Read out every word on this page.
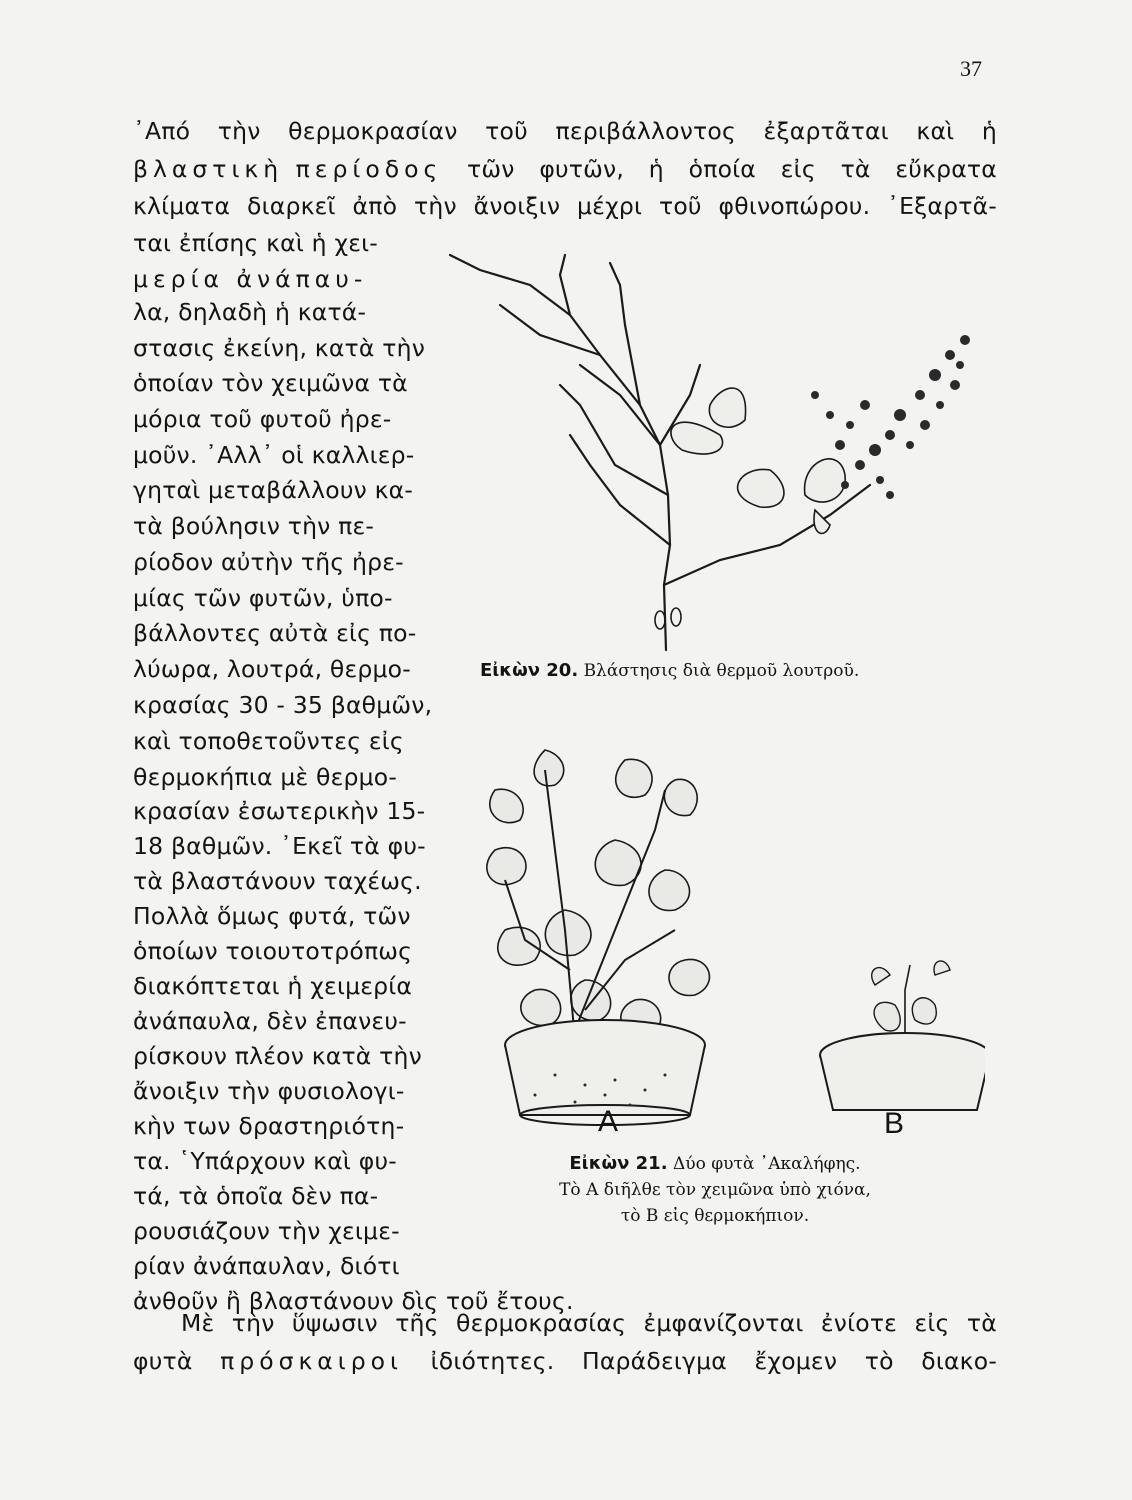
37
᾽Από τὴν θερμοκρασίαν τοῦ περιβάλλοντος ἐξαρτᾶται καὶ ἡ
βλαστικὴ περίοδος τῶν φυτῶν, ἡ ὁποία εἰς τὰ εὔκρατα
κλίματα διαρκεῖ ἀπὸ τὴν ἄνοιξιν μέχρι τοῦ φθινοπώρου. ᾽Εξαρτᾶ-
ται ἐπίσης καὶ ἡ χει-
μερία ἀνάπαυ-
λα, δηλαδὴ ἡ κατά-
στασις ἐκείνη, κατὰ τὴν
ὁποίαν τὸν χειμῶνα τὰ
μόρια τοῦ φυτοῦ ἠρε-
μοῦν. ᾽Αλλ᾽ οἱ καλλιερ-
γηταὶ μεταβάλλουν κα-
τὰ βούλησιν τὴν πε-
ρίοδον αὐτὴν τῆς ἠρε-
μίας τῶν φυτῶν, ὑπο-
βάλλοντες αὐτὰ εἰς πο-
λύωρα, λουτρά, θερμο-
κρασίας 30 - 35 βαθμῶν,
καὶ τοποθετοῦντες εἰς
θερμοκήπια μὲ θερμο-
κρασίαν ἐσωτερικὴν 15-
18 βαθμῶν. ᾽Εκεῖ τὰ φυ-
τὰ βλαστάνουν ταχέως.
Πολλὰ ὅμως φυτά, τῶν
ὁποίων τοιουτοτρόπως
διακόπτεται ἡ χειμερία
ἀνάπαυλα, δὲν ἐπανευ-
ρίσκουν πλέον κατὰ τὴν
ἄνοιξιν τὴν φυσιολογι-
κὴν των δραστηριότη-
τα. ῾Υπάρχουν καὶ φυ-
τά, τὰ ὁποῖα δὲν πα-
ρουσιάζουν τὴν χειμε-
ρίαν ἀνάπαυλαν, διότι
ἀνθοῦν ἢ βλαστάνουν δὶς τοῦ ἔτους.
Μὲ τὴν ὕψωσιν τῆς θερμοκρασίας ἐμφανίζονται ἐνίοτε εἰς τὰ
φυτὰ πρόσκαιροι ἰδιότητες. Παράδειγμα ἔχομεν τὸ διακο-
Εἰκὼν 20. Βλάστησις διὰ θερμοῦ λουτροῦ.
A	B
Εἰκὼν 21. Δύο φυτὰ ᾽Ακαλήφης.
Τὸ Α διῆλθε τὸν χειμῶνα ὑπὸ χιόνα,
τὸ Β εἰς θερμοκήπιον.
